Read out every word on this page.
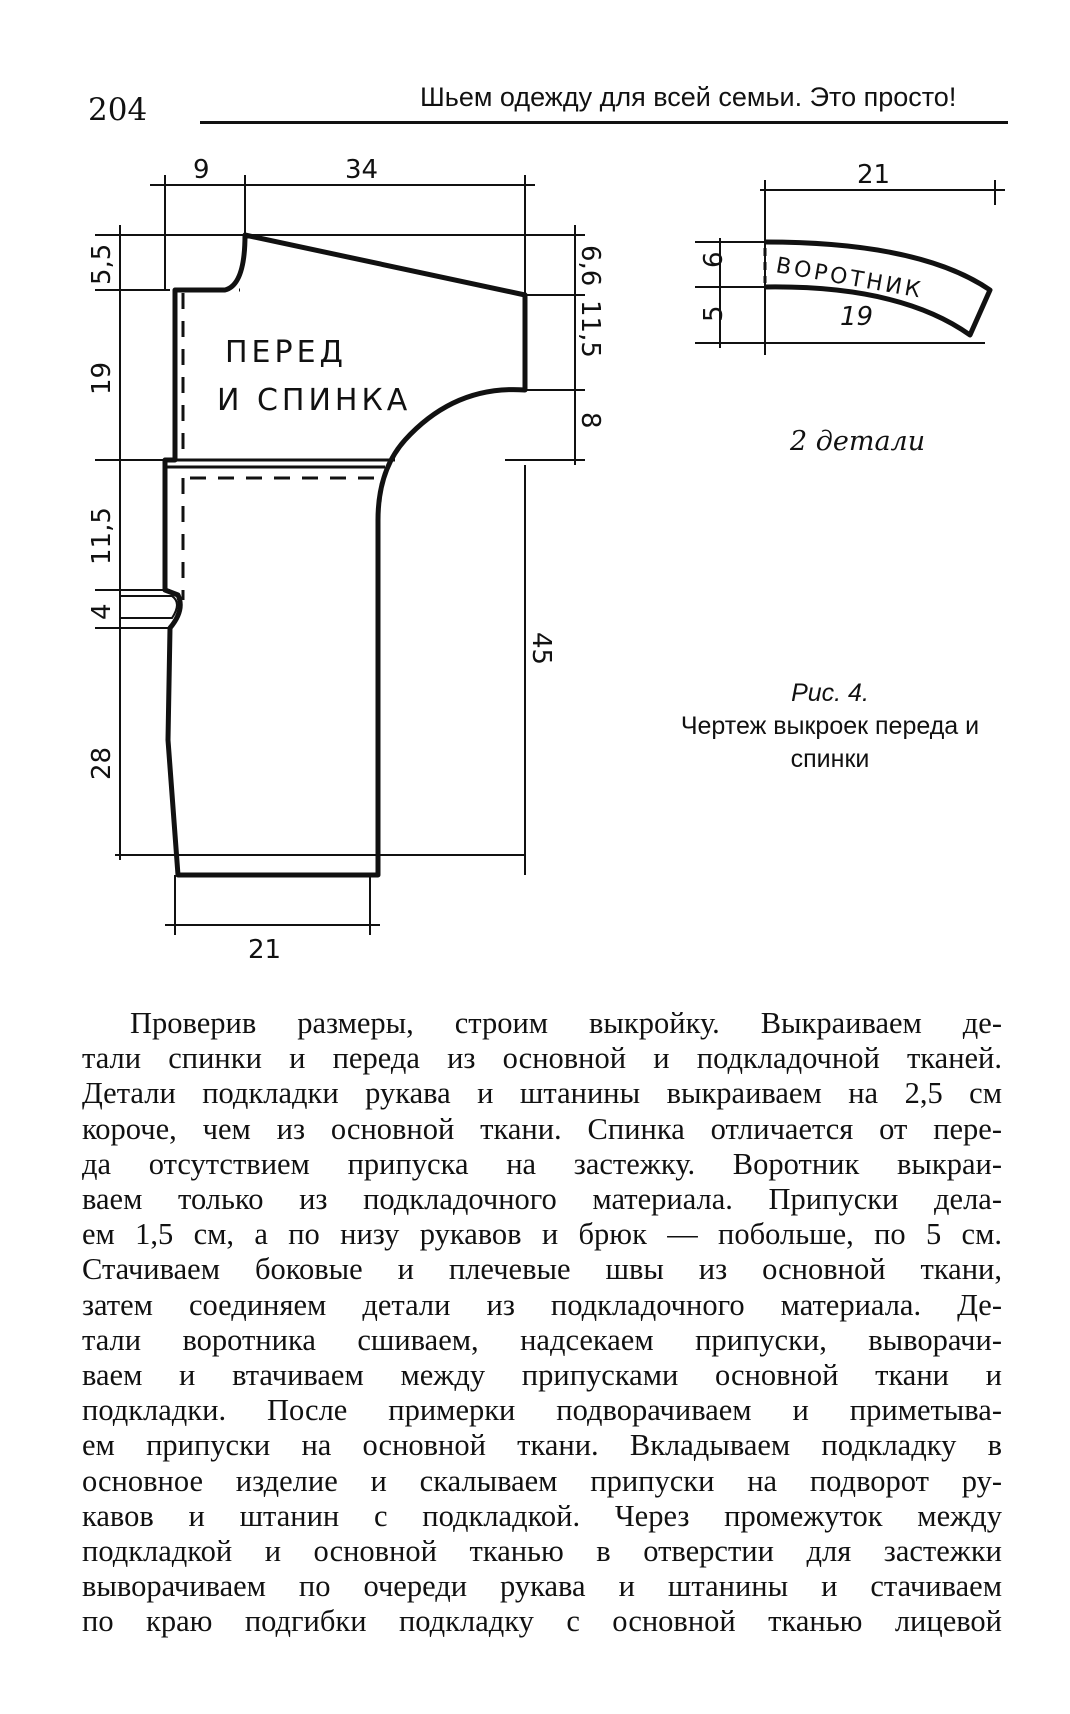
204	Шьем одежду для всей семьи. Это просто!
ПЕРЕД
И СПИНКА
9	34
21
5,5
19
11,5
4
28
6,6
11,5
8
45
ВОРОТНИК
21
19
6
5
2 детали
Рис. 4.
Чертеж выкроек переда и спинки
Проверив размеры, строим выкройку. Выкраиваем де-
тали спинки и переда из основной и подкладочной тканей.
Детали подкладки рукава и штанины выкраиваем на 2,5 см
короче, чем из основной ткани. Спинка отличается от пере-
да отсутствием припуска на застежку. Воротник выкраи-
ваем только из подкладочного материала. Припуски дела-
ем 1,5 см, а по низу рукавов и брюк — побольше, по 5 см.
Стачиваем боковые и плечевые швы из основной ткани,
затем соединяем детали из подкладочного материала. Де-
тали воротника сшиваем, надсекаем припуски, выворачи-
ваем и втачиваем между припусками основной ткани и
подкладки. После примерки подворачиваем и приметыва-
ем припуски на основной ткани. Вкладываем подкладку в
основное изделие и скалываем припуски на подворот ру-
кавов и штанин с подкладкой. Через промежуток между
подкладкой и основной тканью в отверстии для застежки
выворачиваем по очереди рукава и штанины и стачиваем
по краю подгибки подкладку с основной тканью лицевой
